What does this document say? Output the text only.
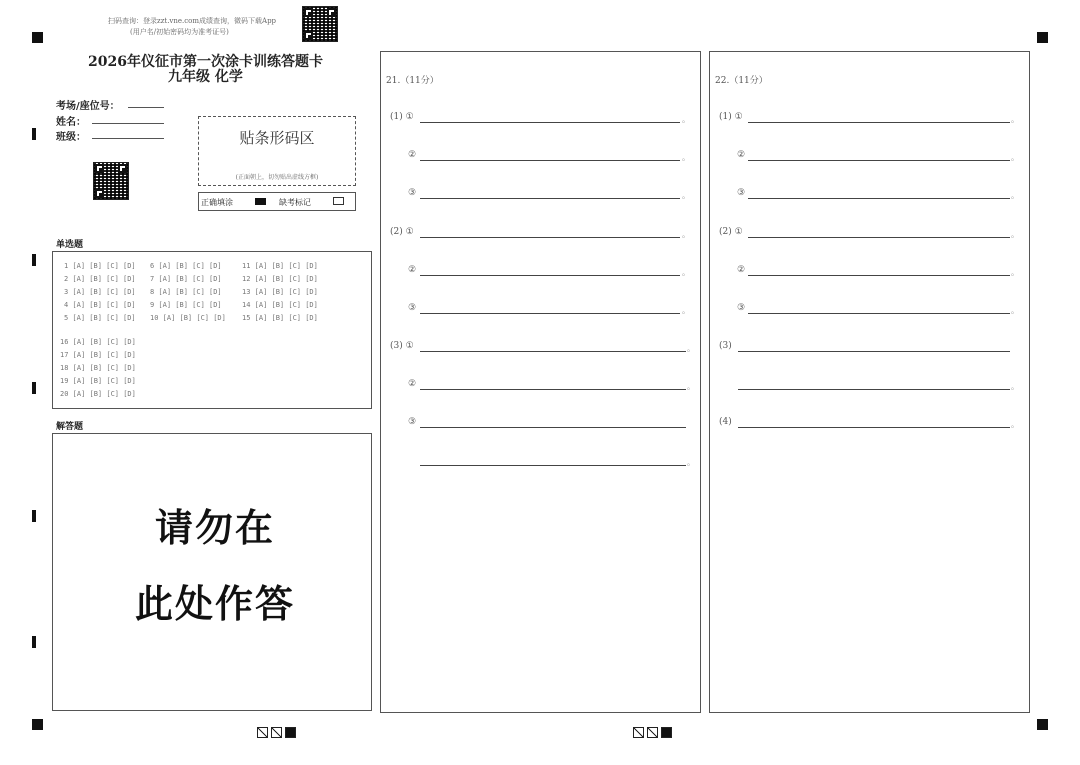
扫码查询：登录zzt.vne.com成绩查询，微码下载App
(用户名/初始密码均为准考证号)
2026年仪征市第一次涂卡训练答题卡
九年级 化学
考场/座位号：
姓名：
班级：	贴条形码区
(正面朝上，切勿贴出虚线方框)
正确填涂	缺考标记
单选题
1 [A] [B] [C] [D]
2 [A] [B] [C] [D]
3 [A] [B] [C] [D]
4 [A] [B] [C] [D]
5 [A] [B] [C] [D]
6 [A] [B] [C] [D]
7 [A] [B] [C] [D]
8 [A] [B] [C] [D]
9 [A] [B] [C] [D]
10 [A] [B] [C] [D]
11 [A] [B] [C] [D]
12 [A] [B] [C] [D]
13 [A] [B] [C] [D]
14 [A] [B] [C] [D]
15 [A] [B] [C] [D]
16 [A] [B] [C] [D]
17 [A] [B] [C] [D]
18 [A] [B] [C] [D]
19 [A] [B] [C] [D]
20 [A] [B] [C] [D]
解答题
请勿在
此处作答
21.（11分）
(1) ①	。
②	。
③	。
(2) ①	。
②	。
③	。
(3) ①	。
②	。
③
。
22.（11分）
(1) ①	。
②	。
③	。
(2) ①	。
②	。
③	。
(3)
。
(4)	。
